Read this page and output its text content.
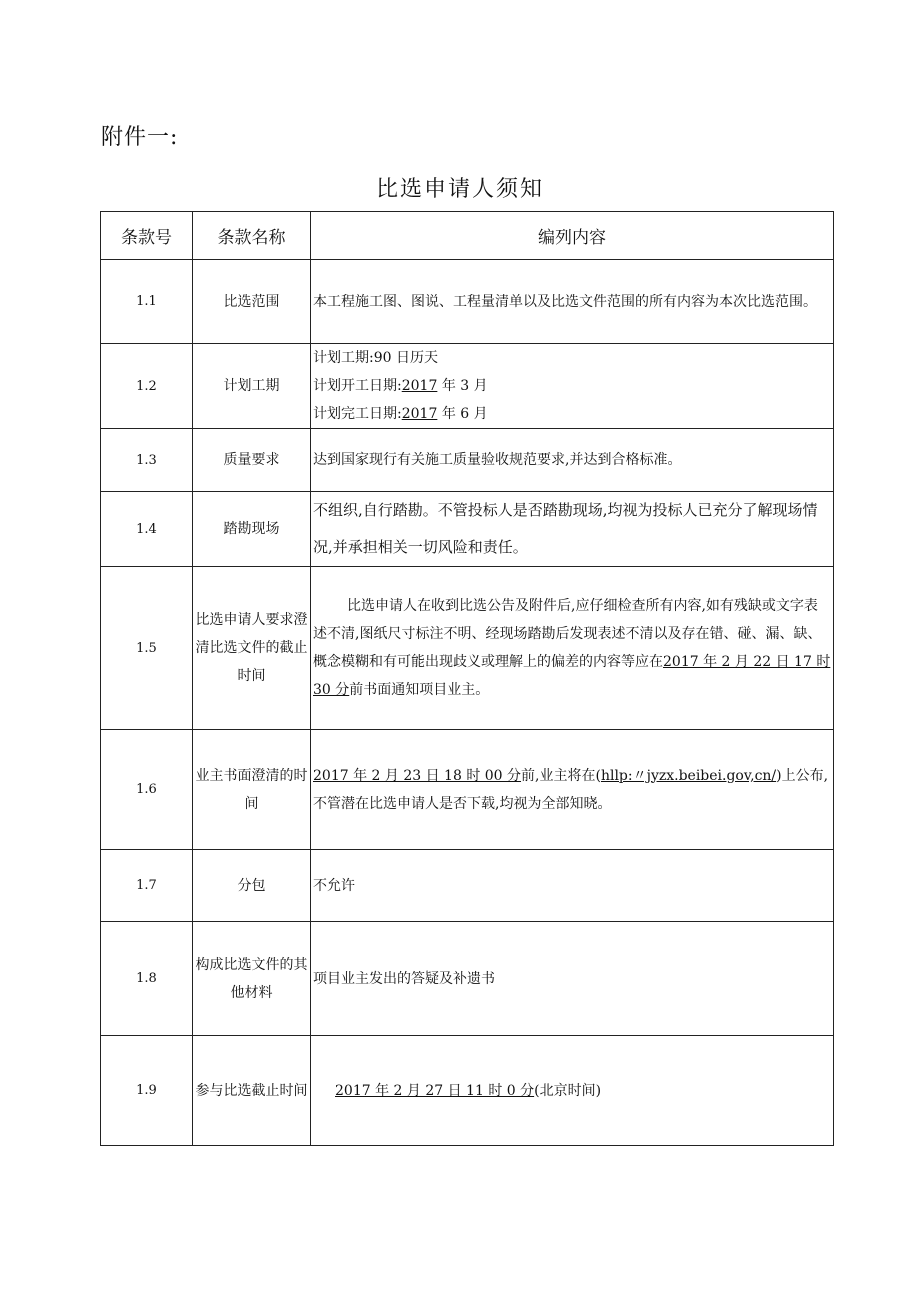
附件一:
比选申请人须知
条款号	条款名称	编列内容
1.1	比选范围	本工程施工图、图说、工程量清单以及比选文件范围的所有内容为本次比选范围。
1.2	计划工期	计划工期:90 日历天
计划开工日期:2017 年 3 月
计划完工日期:2017 年 6 月

1.3	质量要求	达到国家现行有关施工质量验收规范要求,并达到合格标准。
1.4	踏勘现场	不组织,自行踏勘。不管投标人是否踏勘现场,均视为投标人已充分了解现场情况,并承担相关一切风险和责任。
1.5	比选申请人要求澄清比选文件的截止时间	比选申请人在收到比选公告及附件后,应仔细检查所有内容,如有残缺或文字表述不清,图纸尺寸标注不明、经现场踏勘后发现表述不清以及存在错、碰、漏、缺、概念模糊和有可能出现歧义或理解上的偏差的内容等应在2017 年 2 月 22 日 17 时 30 分前书面通知项目业主。
1.6	业主书面澄清的时间	2017 年 2 月 23 日 18 时 00 分前,业主将在(hllp:〃jyzx.beibei.gov,cn/)上公布,不管潜在比选申请人是否下载,均视为全部知晓。
1.7	分包	不允许
1.8	构成比选文件的其他材料	项目业主发出的答疑及补遗书
1.9	参与比选截止时间	2017 年 2 月 27 日 11 时 0 分(北京时间)
